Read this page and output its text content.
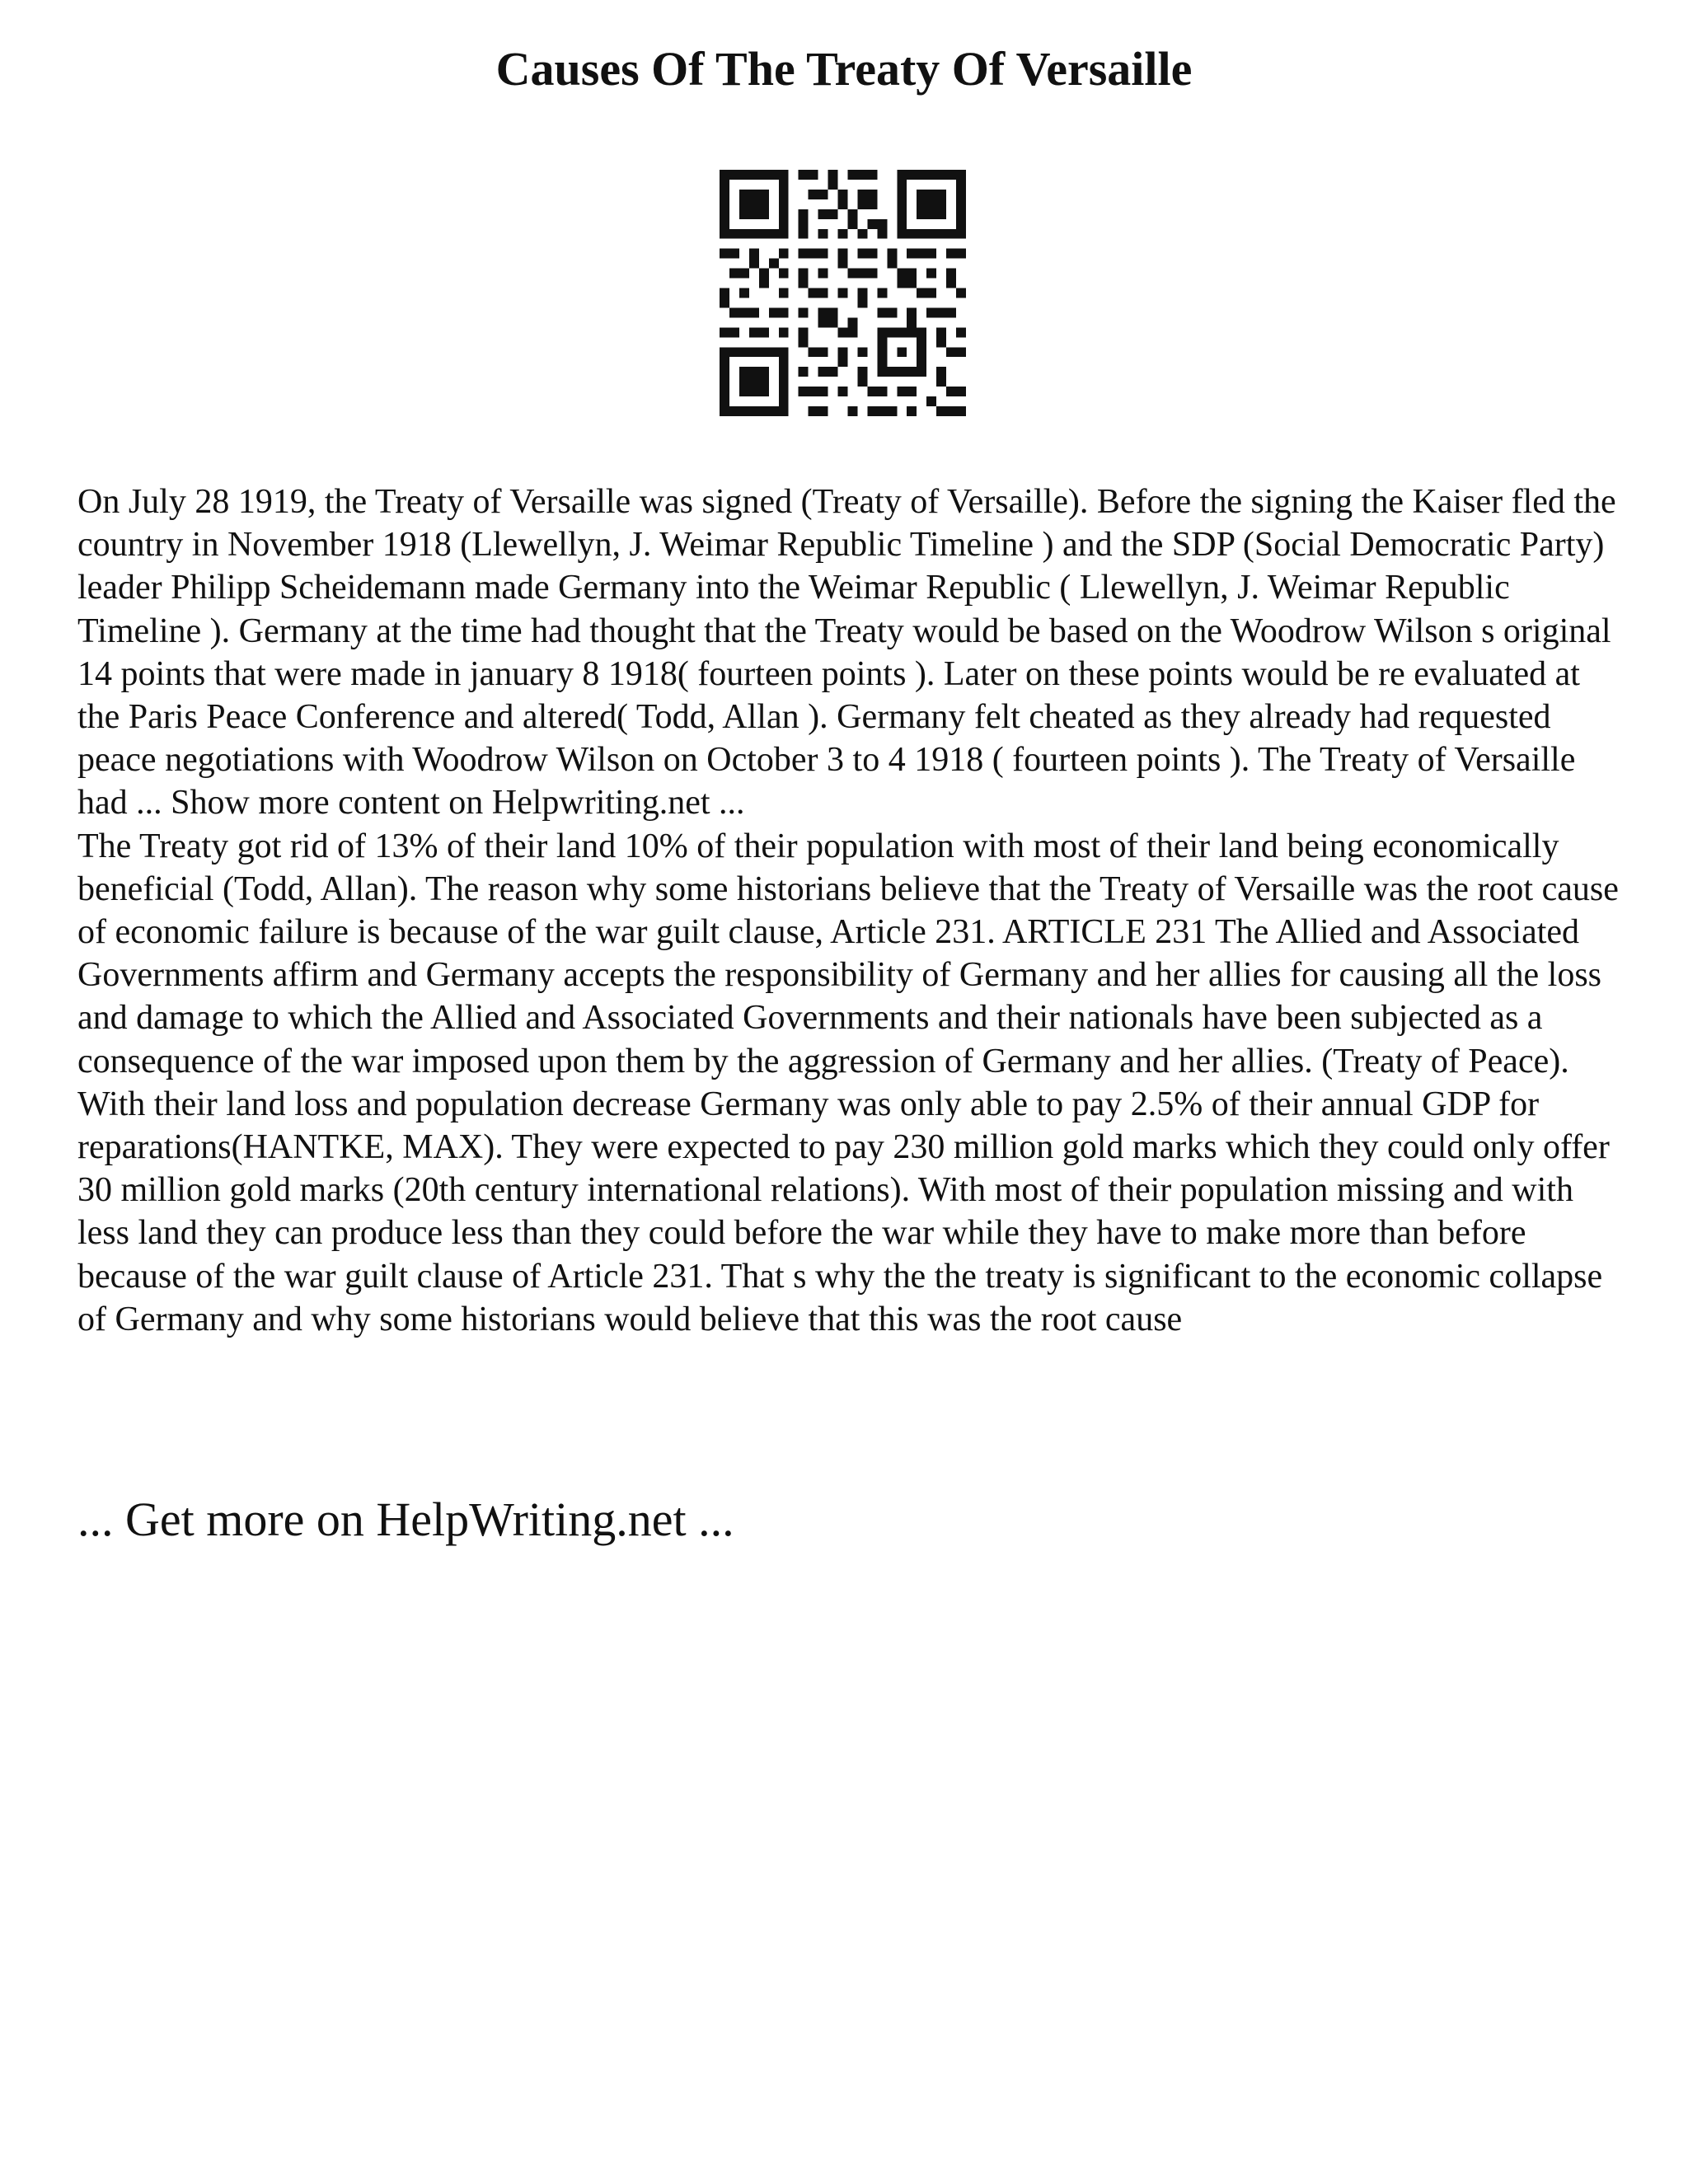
Causes Of The Treaty Of Versaille

On July 28 1919, the Treaty of Versaille was signed (Treaty of Versaille). Before the signing the Kaiser fled the country in November 1918 (Llewellyn, J. Weimar Republic Timeline ) and the SDP (Social Democratic Party) leader Philipp Scheidemann made Germany into the Weimar Republic ( Llewellyn, J. Weimar Republic Timeline ). Germany at the time had thought that the Treaty would be based on the Woodrow Wilson s original 14 points that were made in january 8 1918( fourteen points ). Later on these points would be re evaluated at the Paris Peace Conference and altered( Todd, Allan ). Germany felt cheated as they already had requested peace negotiations with Woodrow Wilson on October 3 to 4 1918 ( fourteen points ). The Treaty of Versaille had ... Show more content on Helpwriting.net ...

The Treaty got rid of 13% of their land 10% of their population with most of their land being economically beneficial (Todd, Allan). The reason why some historians believe that the Treaty of Versaille was the root cause of economic failure is because of the war guilt clause, Article 231. ARTICLE 231 The Allied and Associated Governments affirm and Germany accepts the responsibility of Germany and her allies for causing all the loss and damage to which the Allied and Associated Governments and their nationals have been subjected as a consequence of the war imposed upon them by the aggression of Germany and her allies. (Treaty of Peace). With their land loss and population decrease Germany was only able to pay 2.5% of their annual GDP for reparations(HANTKE, MAX). They were expected to pay 230 million gold marks which they could only offer 30 million gold marks (20th century international relations). With most of their population missing and with less land they can produce less than they could before the war while they have to make more than before because of the war guilt clause of Article 231. That s why the the treaty is significant to the economic collapse of Germany and why some historians would believe that this was the root cause

... Get more on HelpWriting.net ...
